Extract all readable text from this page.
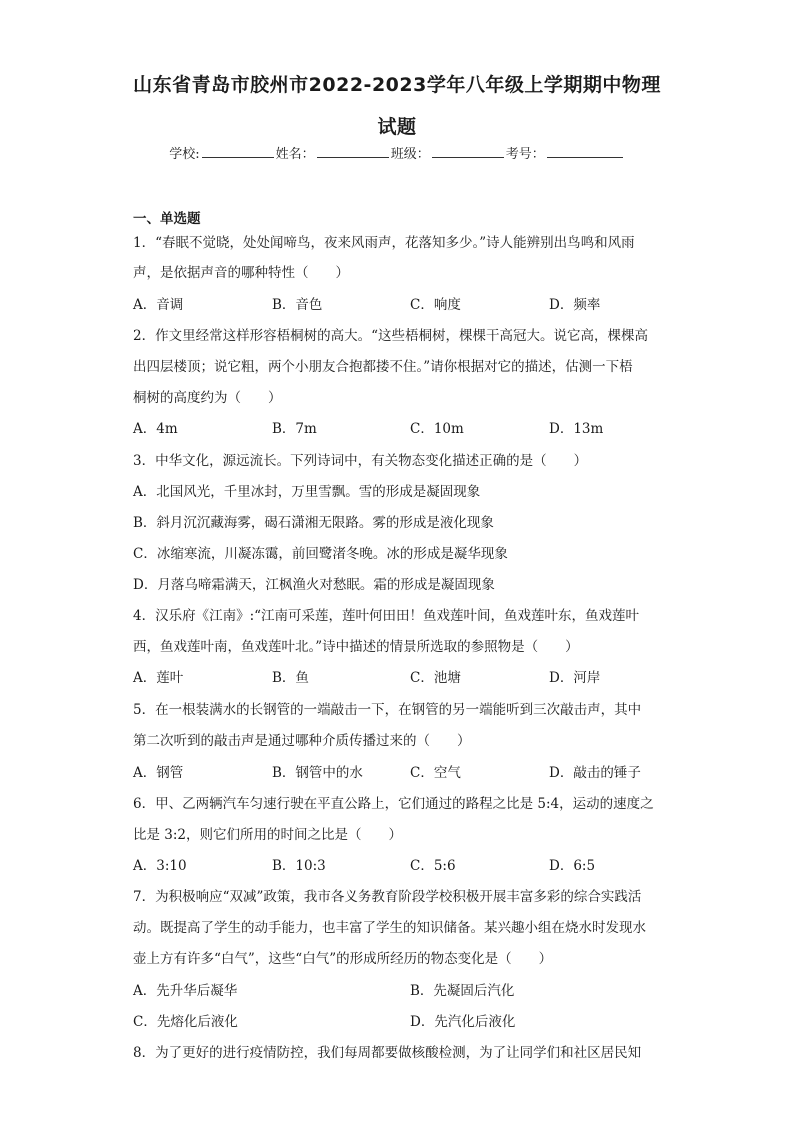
山东省青岛市胶州市2022-2023学年八年级上学期期中物理
试题
学校:	姓名：	班级：	考号：
一、单选题
1．“春眠不觉晓，处处闻啼鸟，夜来风雨声，花落知多少。”诗人能辨别出鸟鸣和风雨
声，是依据声音的哪种特性（　　）
A．音调	B．音色	C．响度	D．频率
2．作文里经常这样形容梧桐树的高大。“这些梧桐树，棵棵干高冠大。说它高，棵棵高
出四层楼顶；说它粗，两个小朋友合抱都搂不住。”请你根据对它的描述，估测一下梧
桐树的高度约为（　　）
A．4m	B．7m	C．10m	D．13m
3．中华文化，源远流长。下列诗词中，有关物态变化描述正确的是（　　）
A．北国风光，千里冰封，万里雪飘。雪的形成是凝固现象
B．斜月沉沉藏海雾，碣石潇湘无限路。雾的形成是液化现象
C．冰缩寒流，川凝冻霭，前回鹭渚冬晚。冰的形成是凝华现象
D．月落乌啼霜满天，江枫渔火对愁眠。霜的形成是凝固现象
4．汉乐府《江南》:“江南可采莲，莲叶何田田！鱼戏莲叶间，鱼戏莲叶东，鱼戏莲叶
西，鱼戏莲叶南，鱼戏莲叶北。”诗中描述的情景所选取的参照物是（　　）
A．莲叶	B．鱼	C．池塘	D．河岸
5．在一根装满水的长钢管的一端敲击一下，在钢管的另一端能听到三次敲击声，其中
第二次听到的敲击声是通过哪种介质传播过来的（　　）
A．钢管	B．钢管中的水	C．空气	D．敲击的锤子
6．甲、乙两辆汽车匀速行驶在平直公路上，它们通过的路程之比是 5:4，运动的速度之
比是 3:2，则它们所用的时间之比是（　　）
A．3:10	B．10:3	C．5:6	D．6:5
7．为积极响应“双减”政策，我市各义务教育阶段学校积极开展丰富多彩的综合实践活
动。既提高了学生的动手能力，也丰富了学生的知识储备。某兴趣小组在烧水时发现水
壶上方有许多“白气”，这些“白气”的形成所经历的物态变化是（　　）
A．先升华后凝华	B．先凝固后汽化
C．先熔化后液化	D．先汽化后液化
8．为了更好的进行疫情防控，我们每周都要做核酸检测，为了让同学们和社区居民知
